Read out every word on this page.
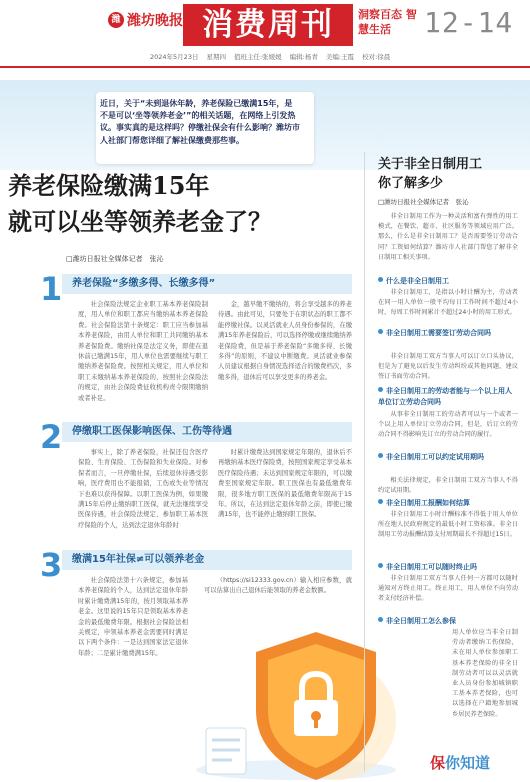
潍 潍坊晚报 消费周刊	洞察百态 智慧生活	12-14
2024年5月23日 星期四 值班主任:张媛媛 编辑:杨青 美编:王霞 校对:徐晨
近日，关于“未到退休年龄，养老保险已缴满15年，是不是可以‘坐等领养老金’”的相关话题，在网络上引发热议。事实真的是这样吗？停缴社保会有什么影响？潍坊市人社部门帮您详细了解社保缴费那些事。
养老保险缴满15年
就可以坐等领养老金了？
□潍坊日报社全媒体记者　张沁
1 养老保险“多缴多得、长缴多得”
社会保险法规定企业职工基本养老保险制度，用人单位和职工都应当缴纳基本养老保险费。社会保险法第十条规定：职工应当参加基本养老保险，由用人单位和职工共同缴纳基本养老保险费。缴纳社保是法定义务，即使在退休前已缴满15年，用人单位也需要继续与职工缴纳养老保险费。按照相关规定，用人单位和职工未缴纳基本养老保险的，按照社会保险法的规定，由社会保险费征收机构责令限期缴纳或者补足。
金，越早缴不缴纳的，将会享受越多的养老待遇。由此可见，只要处于在职状态的职工都不能停缴社保。以灵活就业人员身份参保的，在缴满15年养老保险后，可以选择停缴或继续缴纳养老保险费，但是基于养老保险“多缴多得、长缴多得”的原则，不建议中断缴费。灵活就业参保人员建议根据自身情况选择适合的缴费档次，多缴多得，退休后可以享受更多的养老金。
2 停缴职工医保影响医保、工伤等待遇
事实上，除了养老保险，社保还包含医疗保险、生育保险、工伤保险和失业保险。对参保者而言，一旦停缴社保，后续退休待遇受影响，医疗费用也不能报销，工伤或失业等情况下也难以获得保障。以职工医保为例，如果缴满15年后停止缴纳职工医保，就无法继续享受医保待遇，社会保险法规定，参加职工基本医疗保险的个人，达到法定退休年龄时
时累计缴费达到国家规定年限的，退休后不再缴纳基本医疗保险费，按照国家规定享受基本医疗保险待遇；未达到国家规定年限的，可以缴费至国家规定年限。职工医保也有最低缴费年限，很多地方职工医保的最低缴费年限高于15年。所以，在达到法定退休年龄之前，即使已缴满15年，也不能停止缴纳职工医保。
3 缴满15年社保≠可以领养老金
社会保险法第十六条规定，参加基本养老保险的个人，达到法定退休年龄时累计缴费满15年的，按月领取基本养老金。这里说的15年只是领取基本养老金的最低缴费年限。根据社会保险法相关规定，申领基本养老金需要同时满足以下两个条件：一是达到国家法定退休年龄；二是累计缴费满15年。
（https://si12333.gov.cn）输入相应参数，就可以估算出自己退休后能领取的养老金数额。
关于非全日制用工
你了解多少
□潍坊日报社全媒体记者　张沁
非全日制用工作为一种灵活和富有弹性的用工模式，在餐饮、超市、社区服务等领域应用广泛。那么，什么是非全日制用工？是否需要签订劳动合同？工资如何结算？潍坊市人社部门帮您了解非全日制用工相关事项。
什么是非全日制用工
非全日制用工，是指以小时计酬为主，劳动者在同一用人单位一般平均每日工作时间不超过4小时，每周工作时间累计不超过24小时的用工形式。
非全日制用工需要签订劳动合同吗
非全日制用工双方当事人可以订立口头协议，但是为了避免以后发生劳动纠纷或其他问题，建议签订书面劳动合同。
非全日制用工的劳动者能与一个以上用人单位订立劳动合同吗
从事非全日制用工的劳动者可以与一个或者一个以上用人单位订立劳动合同，但是，后订立的劳动合同不得影响先订立的劳动合同的履行。
非全日制用工可以约定试用期吗
相关法律规定，非全日制用工双方当事人不得约定试用期。
非全日制用工报酬如何结算
非全日制用工小时计酬标准不得低于用人单位所在地人民政府规定的最低小时工资标准。非全日制用工劳动报酬结算支付周期最长不得超过15日。
非全日制用工可以随时终止吗
非全日制用工双方当事人任何一方都可以随时通知对方终止用工。终止用工，用人单位不向劳动者支付经济补偿。
非全日制用工怎么参保
用人单位应当非全日制劳动者缴纳工伤保险，未在用人单位参加职工基本养老保险的非全日制劳动者可以以灵活就业人员身份参加城镇职工基本养老保险，也可以选择在户籍地参加城乡居民养老保险。
保你知道
